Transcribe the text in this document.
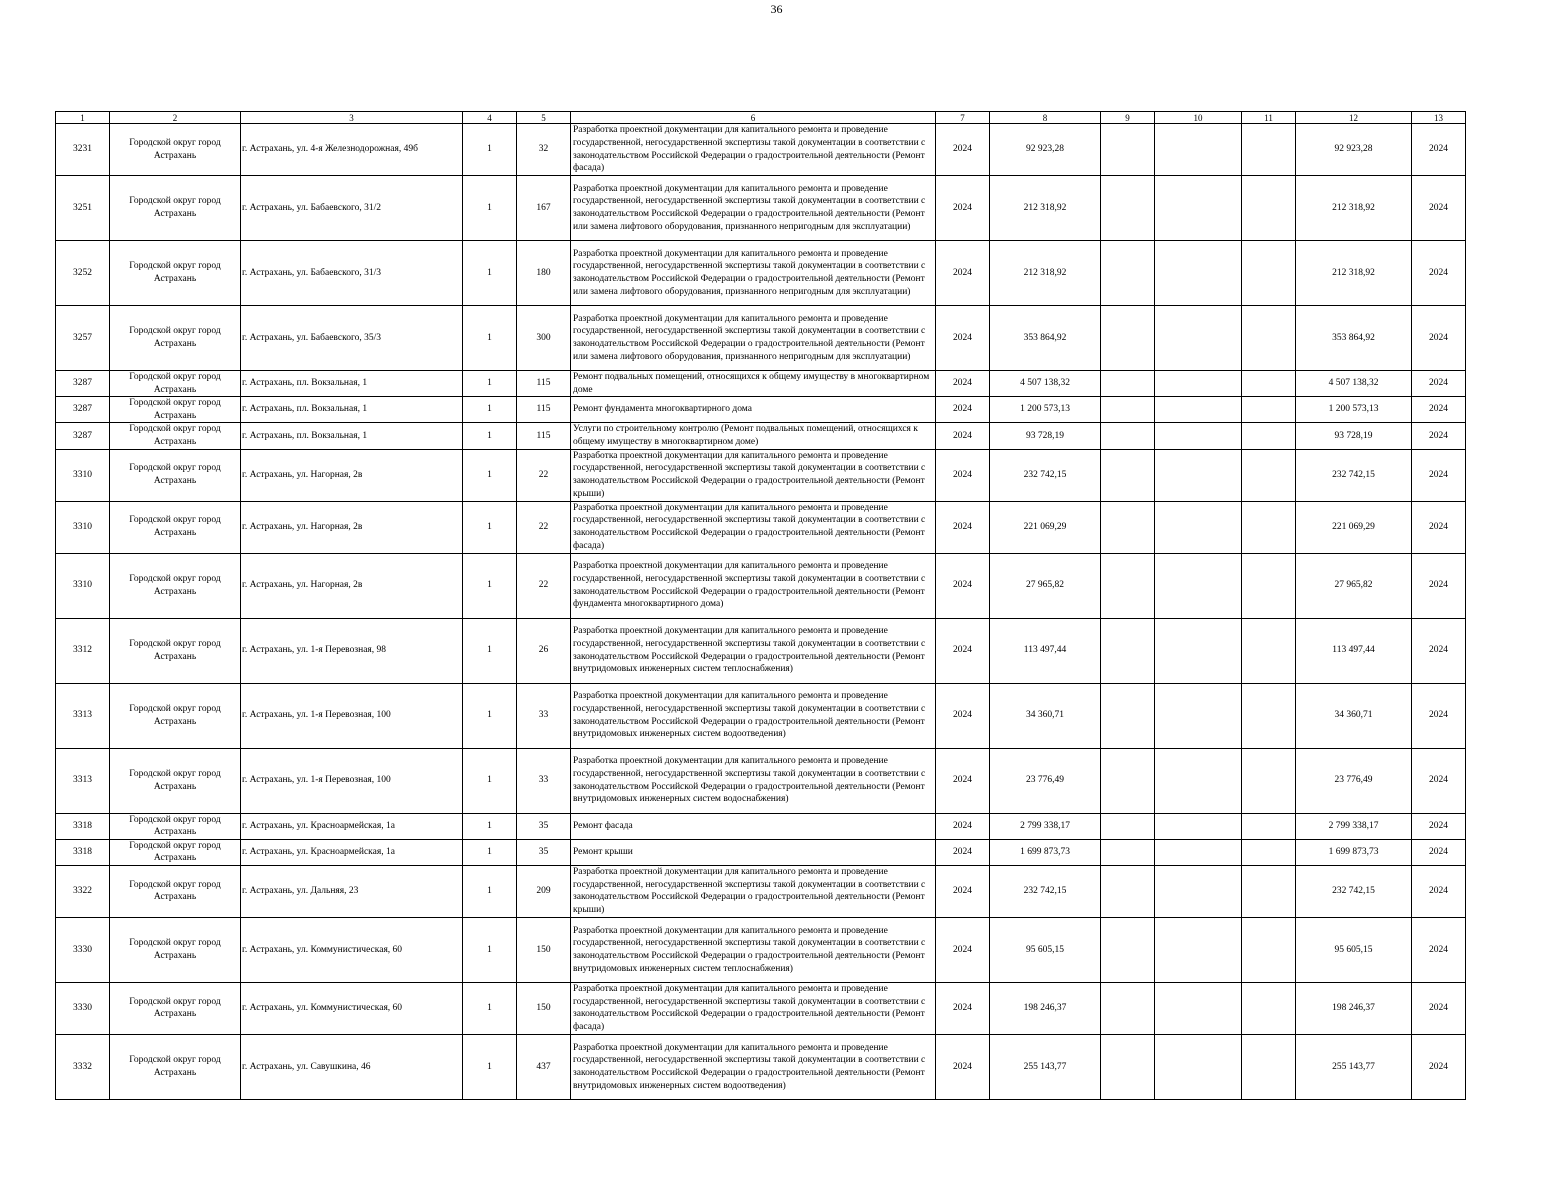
36
1	2	3	4	5	6	7	8	9	10	11	12	13
3231	Городской округ город Астрахань	г. Астрахань, ул. 4-я Железнодорожная, 49б	1	32	Разработка проектной документации для капитального ремонта и проведение государственной, негосударственной экспертизы такой документации в соответствии с законодательством Российской Федерации о градостроительной деятельности (Ремонт фасада)	2024	92 923,28				92 923,28	2024
3251	Городской округ город Астрахань	г. Астрахань, ул. Бабаевского, 31/2	1	167	Разработка проектной документации для капитального ремонта и проведение государственной, негосударственной экспертизы такой документации в соответствии с законодательством Российской Федерации о градостроительной деятельности (Ремонт или замена лифтового оборудования, признанного непригодным для эксплуатации)	2024	212 318,92				212 318,92	2024
3252	Городской округ город Астрахань	г. Астрахань, ул. Бабаевского, 31/3	1	180	Разработка проектной документации для капитального ремонта и проведение государственной, негосударственной экспертизы такой документации в соответствии с законодательством Российской Федерации о градостроительной деятельности (Ремонт или замена лифтового оборудования, признанного непригодным для эксплуатации)	2024	212 318,92				212 318,92	2024
3257	Городской округ город Астрахань	г. Астрахань, ул. Бабаевского, 35/3	1	300	Разработка проектной документации для капитального ремонта и проведение государственной, негосударственной экспертизы такой документации в соответствии с законодательством Российской Федерации о градостроительной деятельности (Ремонт или замена лифтового оборудования, признанного непригодным для эксплуатации)	2024	353 864,92				353 864,92	2024
3287	Городской округ город Астрахань	г. Астрахань, пл. Вокзальная, 1	1	115	Ремонт подвальных помещений, относящихся к общему имуществу в многоквартирном доме	2024	4 507 138,32				4 507 138,32	2024
3287	Городской округ город Астрахань	г. Астрахань, пл. Вокзальная, 1	1	115	Ремонт фундамента многоквартирного дома	2024	1 200 573,13				1 200 573,13	2024
3287	Городской округ город Астрахань	г. Астрахань, пл. Вокзальная, 1	1	115	Услуги по строительному контролю (Ремонт подвальных помещений, относящихся к общему имуществу в многоквартирном доме)	2024	93 728,19				93 728,19	2024
3310	Городской округ город Астрахань	г. Астрахань, ул. Нагорная, 2в	1	22	Разработка проектной документации для капитального ремонта и проведение государственной, негосударственной экспертизы такой документации в соответствии с законодательством Российской Федерации о градостроительной деятельности (Ремонт крыши)	2024	232 742,15				232 742,15	2024
3310	Городской округ город Астрахань	г. Астрахань, ул. Нагорная, 2в	1	22	Разработка проектной документации для капитального ремонта и проведение государственной, негосударственной экспертизы такой документации в соответствии с законодательством Российской Федерации о градостроительной деятельности (Ремонт фасада)	2024	221 069,29				221 069,29	2024
3310	Городской округ город Астрахань	г. Астрахань, ул. Нагорная, 2в	1	22	Разработка проектной документации для капитального ремонта и проведение государственной, негосударственной экспертизы такой документации в соответствии с законодательством Российской Федерации о градостроительной деятельности (Ремонт фундамента многоквартирного дома)	2024	27 965,82				27 965,82	2024
3312	Городской округ город Астрахань	г. Астрахань, ул. 1-я Перевозная, 98	1	26	Разработка проектной документации для капитального ремонта и проведение государственной, негосударственной экспертизы такой документации в соответствии с законодательством Российской Федерации о градостроительной деятельности (Ремонт внутридомовых инженерных систем теплоснабжения)	2024	113 497,44				113 497,44	2024
3313	Городской округ город Астрахань	г. Астрахань, ул. 1-я Перевозная, 100	1	33	Разработка проектной документации для капитального ремонта и проведение государственной, негосударственной экспертизы такой документации в соответствии с законодательством Российской Федерации о градостроительной деятельности (Ремонт внутридомовых инженерных систем водоотведения)	2024	34 360,71				34 360,71	2024
3313	Городской округ город Астрахань	г. Астрахань, ул. 1-я Перевозная, 100	1	33	Разработка проектной документации для капитального ремонта и проведение государственной, негосударственной экспертизы такой документации в соответствии с законодательством Российской Федерации о градостроительной деятельности (Ремонт внутридомовых инженерных систем водоснабжения)	2024	23 776,49				23 776,49	2024
3318	Городской округ город Астрахань	г. Астрахань, ул. Красноармейская, 1а	1	35	Ремонт фасада	2024	2 799 338,17				2 799 338,17	2024
3318	Городской округ город Астрахань	г. Астрахань, ул. Красноармейская, 1а	1	35	Ремонт крыши	2024	1 699 873,73				1 699 873,73	2024
3322	Городской округ город Астрахань	г. Астрахань, ул. Дальняя, 23	1	209	Разработка проектной документации для капитального ремонта и проведение государственной, негосударственной экспертизы такой документации в соответствии с законодательством Российской Федерации о градостроительной деятельности (Ремонт крыши)	2024	232 742,15				232 742,15	2024
3330	Городской округ город Астрахань	г. Астрахань, ул. Коммунистическая, 60	1	150	Разработка проектной документации для капитального ремонта и проведение государственной, негосударственной экспертизы такой документации в соответствии с законодательством Российской Федерации о градостроительной деятельности (Ремонт внутридомовых инженерных систем теплоснабжения)	2024	95 605,15				95 605,15	2024
3330	Городской округ город Астрахань	г. Астрахань, ул. Коммунистическая, 60	1	150	Разработка проектной документации для капитального ремонта и проведение государственной, негосударственной экспертизы такой документации в соответствии с законодательством Российской Федерации о градостроительной деятельности (Ремонт фасада)	2024	198 246,37				198 246,37	2024
3332	Городской округ город Астрахань	г. Астрахань, ул. Савушкина, 46	1	437	Разработка проектной документации для капитального ремонта и проведение государственной, негосударственной экспертизы такой документации в соответствии с законодательством Российской Федерации о градостроительной деятельности (Ремонт внутридомовых инженерных систем водоотведения)	2024	255 143,77				255 143,77	2024
